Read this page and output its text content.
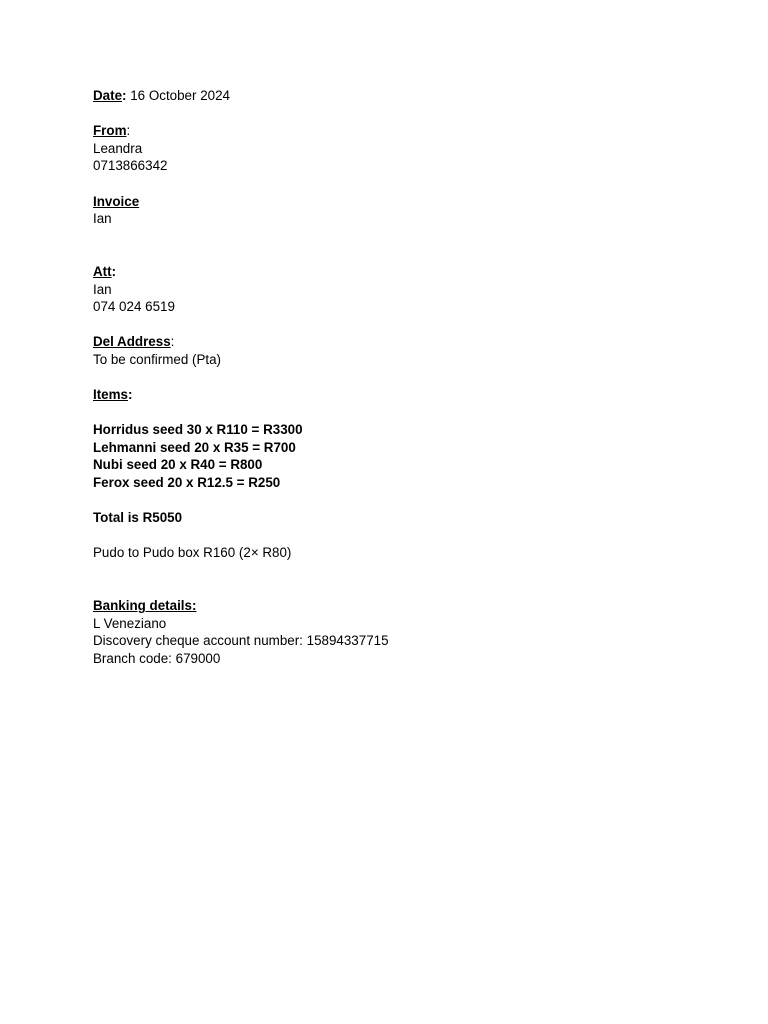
Date: 16 October 2024
From:
Leandra
0713866342
Invoice
Ian
Att:
Ian
074 024 6519
Del Address:
To be confirmed (Pta)
Items:
Horridus seed 30 x R110 = R3300
Lehmanni seed 20 x R35 = R700
Nubi seed 20 x R40 = R800
Ferox seed 20 x R12.5 = R250
Total is R5050
Pudo to Pudo box R160 (2× R80)
Banking details:
L Veneziano
Discovery cheque account number: 15894337715
Branch code: 679000
